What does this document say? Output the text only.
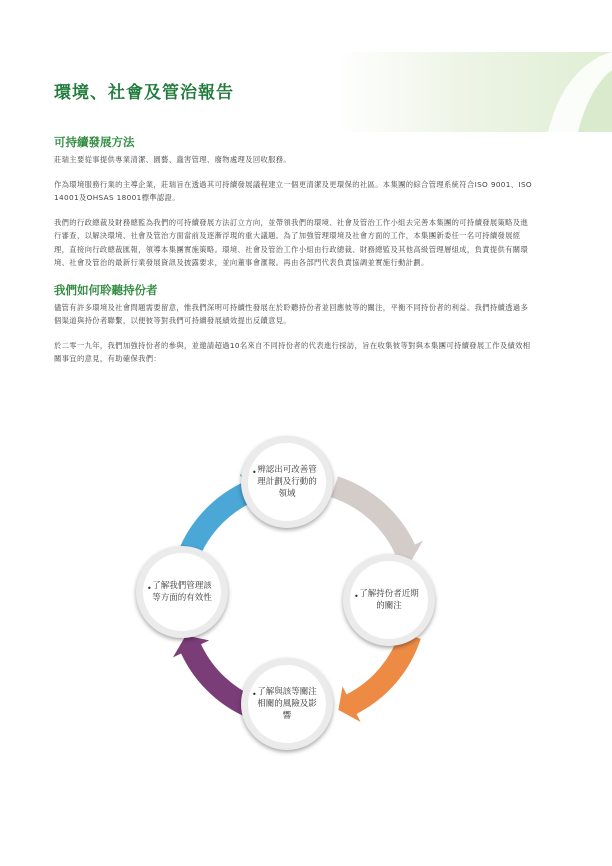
環境、社會及管治報告
可持續發展方法

莊瑞主要從事提供專業清潔、園藝、蟲害管理、廢物處理及回收服務。

作為環境服務行業的主導企業，莊瑞旨在透過其可持續發展議程建立一個更清潔及更環保的社區。本集團的綜合管理系統符合ISO 9001、ISO 14001及OHSAS 18001標準認證。

我們的行政總裁及財務總監為我們的可持續發展方法訂立方向，並帶領我們的環境、社會及管治工作小組去完善本集團的可持續發展策略及進行審查，以解決環境、社會及管治方面當前及逐漸浮現的重大議題。為了加強管理環境及社會方面的工作，本集團新委任一名可持續發展經理，直接向行政總裁匯報，領導本集團實施策略。環境、社會及管治工作小組由行政總裁、財務總監及其他高級管理層組成，負責提供有關環境、社會及管治的最新行業發展資訊及披露要求，並向董事會滙報。再由各部門代表負責協調並實施行動計劃。

我們如何聆聽持份者

儘管有許多環境及社會問題需要留意，惟我們深明可持續性發展在於聆聽持份者並回應彼等的關注，平衡不同持份者的利益。我們持續透過多個渠道與持份者聯繫，以便彼等對我們可持續發展績效提出反饋意見。

於二零一九年，我們加強持份者的參與，並邀請超過10名來自不同持份者的代表進行採訪，旨在收集彼等對與本集團可持續發展工作及績效相關事宜的意見，有助確保我們：

• 辨認出可改善管理計劃及行動的領域
• 了解持份者近期的關注
• 了解與該等關注相關的風險及影響
• 了解我們管理該等方面的有效性
